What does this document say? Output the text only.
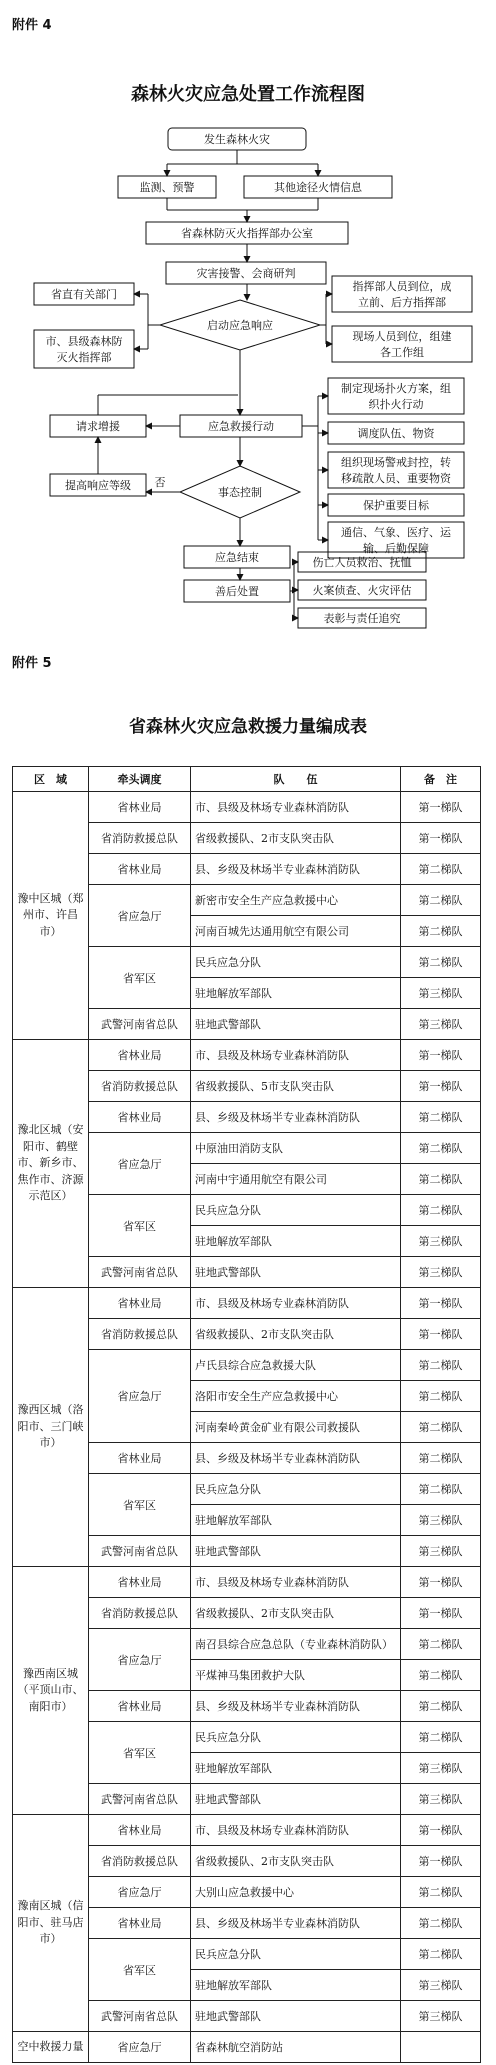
附件 4
森林火灾应急处置工作流程图
发生森林火灾
监测、预警	其他途径火情信息
省森林防灭火指挥部办公室
灾害接警、会商研判
启动应急响应
省直有关部门
市、县级森林防
灭火指挥部
指挥部人员到位，成
立前、后方指挥部
现场人员到位，组建
各工作组
应急救援行动
请求增援
制定现场扑火方案，组
织扑火行动
调度队伍、物资
组织现场警戒封控，转
移疏散人员、重要物资
保护重要目标
通信、气象、医疗、运
输、后勤保障
事态控制
否
提高响应等级
应急结束
善后处置
伤亡人员救治、抚恤
火案侦查、火灾评估
表彰与责任追究
附件 5
省森林火灾应急救援力量编成表
区　域	牵头调度	队　　伍	备　注
豫中区城（郑州市、许昌市）	省林业局	市、县级及林场专业森林消防队	第一梯队
	省消防救援总队	省级救援队、2市支队突击队	第一梯队
	省林业局	县、乡级及林场半专业森林消防队	第二梯队
	省应急厅	新密市安全生产应急救援中心	第二梯队
		河南百城先达通用航空有限公司	第二梯队
	省军区	民兵应急分队	第二梯队
		驻地解放军部队	第三梯队
	武警河南省总队	驻地武警部队	第三梯队
豫北区城（安阳市、鹤壁市、新乡市、焦作市、济源示范区）	省林业局	市、县级及林场专业森林消防队	第一梯队
	省消防救援总队	省级救援队、5市支队突击队	第一梯队
	省林业局	县、乡级及林场半专业森林消防队	第二梯队
	省应急厅	中原油田消防支队	第二梯队
		河南中宇通用航空有限公司	第二梯队
	省军区	民兵应急分队	第二梯队
		驻地解放军部队	第三梯队
	武警河南省总队	驻地武警部队	第三梯队
豫西区城（洛阳市、三门峡市）	省林业局	市、县级及林场专业森林消防队	第一梯队
	省消防救援总队	省级救援队、2市支队突击队	第一梯队
	省应急厅	卢氏县综合应急救援大队	第二梯队
		洛阳市安全生产应急救援中心	第二梯队
		河南秦岭黄金矿业有限公司救援队	第二梯队
	省林业局	县、乡级及林场半专业森林消防队	第二梯队
	省军区	民兵应急分队	第二梯队
		驻地解放军部队	第三梯队
	武警河南省总队	驻地武警部队	第三梯队
豫西南区城（平顶山市、南阳市）	省林业局	市、县级及林场专业森林消防队	第一梯队
	省消防救援总队	省级救援队、2市支队突击队	第一梯队
	省应急厅	南召县综合应急总队（专业森林消防队）	第二梯队
		平煤神马集团救护大队	第二梯队
	省林业局	县、乡级及林场半专业森林消防队	第二梯队
	省军区	民兵应急分队	第二梯队
		驻地解放军部队	第三梯队
	武警河南省总队	驻地武警部队	第三梯队
豫南区城（信阳市、驻马店市）	省林业局	市、县级及林场专业森林消防队	第一梯队
	省消防救援总队	省级救援队、2市支队突击队	第一梯队
	省应急厅	大别山应急救援中心	第二梯队
	省林业局	县、乡级及林场半专业森林消防队	第二梯队
	省军区	民兵应急分队	第二梯队
		驻地解放军部队	第三梯队
	武警河南省总队	驻地武警部队	第三梯队
空中救援力量	省应急厅	省森林航空消防站	
